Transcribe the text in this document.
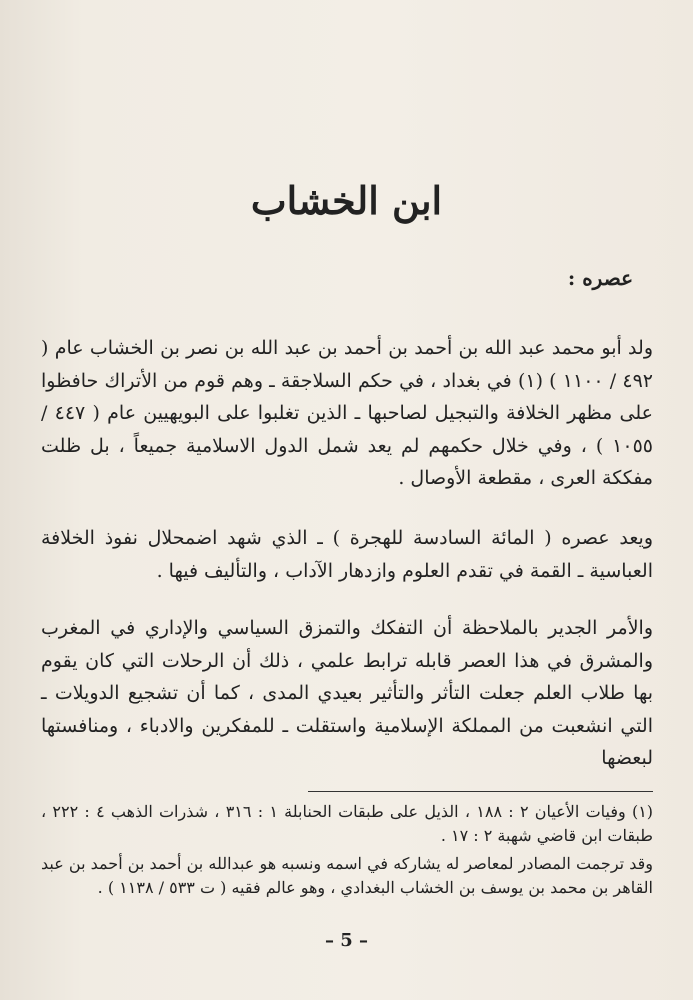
ابن الخشاب
عصره :

ولد أبو محمد عبد الله بن أحمد بن أحمد بن عبد الله بن نصر بن الخشاب عام ( ٤٩٢ / ١١٠٠ ) (١) في بغداد ، في حكم السلاجقة ـ وهم قوم من الأتراك حافظوا على مظهر الخلافة والتبجيل لصاحبها ـ الذين تغلبوا على البويهيين عام ( ٤٤٧ / ١٠٥٥ ) ، وفي خلال حكمهم لم يعد شمل الدول الاسلامية جميعاً ، بل ظلت مفككة العرى ، مقطعة الأوصال .

ويعد عصره ( المائة السادسة للهجرة ) ـ الذي شهد اضمحلال نفوذ الخلافة العباسية ـ القمة في تقدم العلوم وازدهار الآداب ، والتأليف فيها .

والأمر الجدير بالملاحظة أن التفكك والتمزق السياسي والإداري في المغرب والمشرق في هذا العصر قابله ترابط علمي ، ذلك أن الرحلات التي كان يقوم بها طلاب العلم جعلت التأثر والتأثير بعيدي المدى ، كما أن تشجيع الدويلات ـ التي انشعبت من المملكة الإسلامية واستقلت ـ للمفكرين والادباء ، ومنافستها لبعضها

(١) وفيات الأعيان ٢ : ١٨٨ ، الذيل على طبقات الحنابلة ١ : ٣١٦ ، شذرات الذهب ٤ : ٢٢٢ ، طبقات ابن قاضي شهبة ٢ : ١٧ .

وقد ترجمت المصادر لمعاصر له يشاركه في اسمه ونسبه هو عبدالله بن أحمد بن أحمد بن عبد القاهر بن محمد بن يوسف بن الخشاب البغدادي ، وهو عالم فقيه ( ت ٥٣٣ / ١١٣٨ ) .

– 5 –
